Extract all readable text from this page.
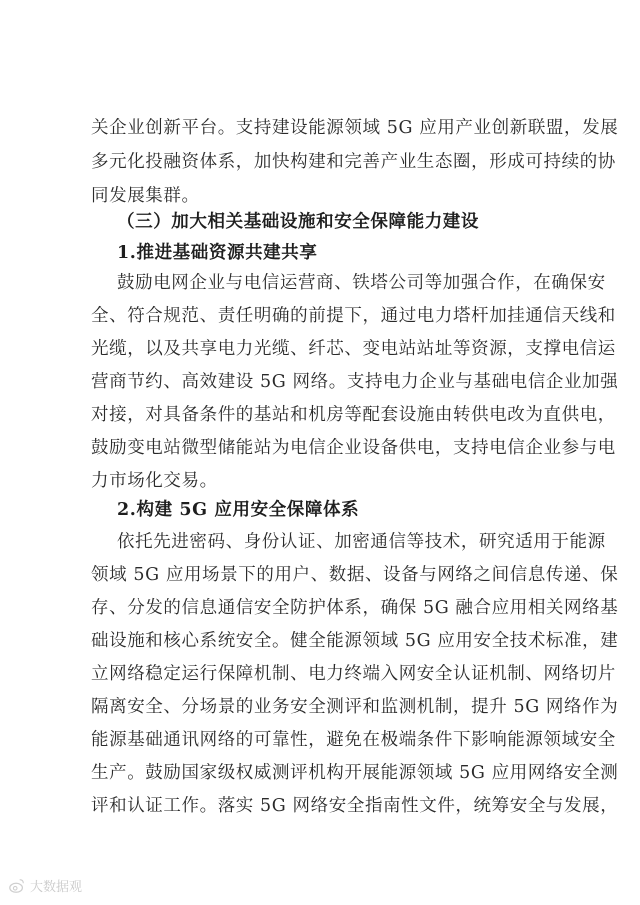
关企业创新平台。支持建设能源领域 5G 应用产业创新联盟，发展
多元化投融资体系，加快构建和完善产业生态圈，形成可持续的协
同发展集群。
（三）加大相关基础设施和安全保障能力建设
1.推进基础资源共建共享
鼓励电网企业与电信运营商、铁塔公司等加强合作，在确保安
全、符合规范、责任明确的前提下，通过电力塔杆加挂通信天线和
光缆，以及共享电力光缆、纤芯、变电站站址等资源，支撑电信运
营商节约、高效建设 5G 网络。支持电力企业与基础电信企业加强
对接，对具备条件的基站和机房等配套设施由转供电改为直供电，
鼓励变电站微型储能站为电信企业设备供电，支持电信企业参与电
力市场化交易。
2.构建 5G 应用安全保障体系
依托先进密码、身份认证、加密通信等技术，研究适用于能源
领域 5G 应用场景下的用户、数据、设备与网络之间信息传递、保
存、分发的信息通信安全防护体系，确保 5G 融合应用相关网络基
础设施和核心系统安全。健全能源领域 5G 应用安全技术标准，建
立网络稳定运行保障机制、电力终端入网安全认证机制、网络切片
隔离安全、分场景的业务安全测评和监测机制，提升 5G 网络作为
能源基础通讯网络的可靠性，避免在极端条件下影响能源领域安全
生产。鼓励国家级权威测评机构开展能源领域 5G 应用网络安全测
评和认证工作。落实 5G 网络安全指南性文件，统筹安全与发展，
大数据观
